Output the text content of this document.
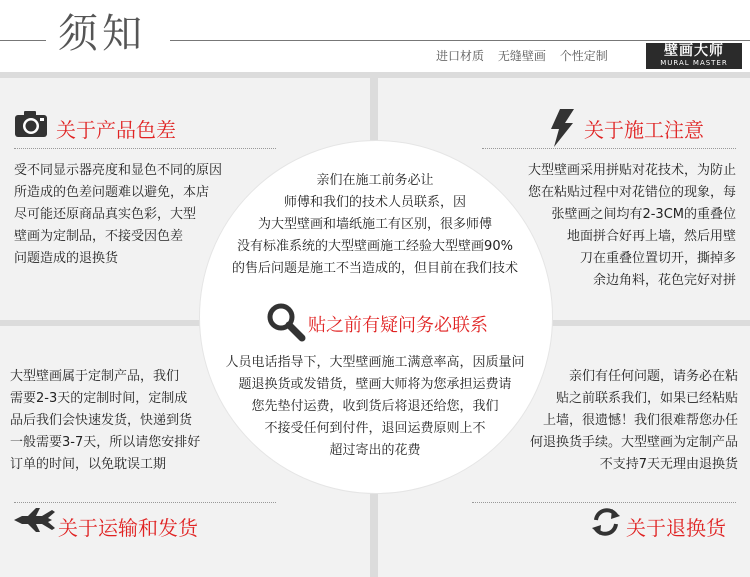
须知	进口材质 无缝壁画 个性定制	壁画大师
MURAL MASTER
关于产品色差
受不同显示器亮度和显色不同的原因
所造成的色差问题难以避免，本店
尽可能还原商品真实色彩，大型
壁画为定制品，不接受因色差
问题造成的退换货
关于施工注意
大型壁画采用拼贴对花技术，为防止
您在粘贴过程中对花错位的现象，每
张壁画之间均有2-3CM的重叠位
地面拼合好再上墙，然后用壁
刀在重叠位置切开，撕掉多
余边角料，花色完好对拼
大型壁画属于定制产品，我们
需要2-3天的定制时间，定制成
品后我们会快速发货，快递到货
一般需要3-7天，所以请您安排好
订单的时间，以免耽误工期
关于运输和发货
亲们有任何问题，请务必在粘
贴之前联系我们，如果已经粘贴
上墙，很遗憾！我们很难帮您办任
何退换货手续。大型壁画为定制产品
不支持7天无理由退换货
关于退换货
亲们在施工前务必让
师傅和我们的技术人员联系，因
为大型壁画和墙纸施工有区别，很多师傅
没有标准系统的大型壁画施工经验大型壁画90%
的售后问题是施工不当造成的，但目前在我们技术
贴之前有疑问务必联系
人员电话指导下，大型壁画施工满意率高，因质量问
题退换货或发错货，壁画大师将为您承担运费请
您先垫付运费，收到货后将退还给您，我们
不接受任何到付件，退回运费原则上不
超过寄出的花费
